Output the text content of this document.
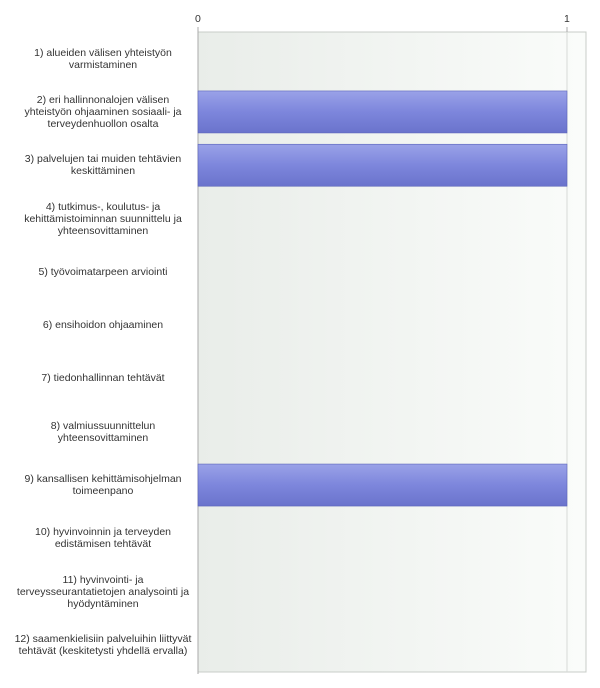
1) alueiden välisen yhteistyön varmistaminen
2) eri hallinnonalojen välisen yhteistyön ohjaaminen sosiaali- ja terveydenhuollon osalta
3) palvelujen tai muiden tehtävien keskittäminen
4) tutkimus-, koulutus- ja kehittämistoiminnan suunnittelu ja yhteensovittaminen
5) työvoimatarpeen arviointi
6) ensihoidon ohjaaminen
7) tiedonhallinnan tehtävät
8) valmiussuunnittelun yhteensovittaminen
9) kansallisen kehittämisohjelman toimeenpano
10) hyvinvoinnin ja terveyden edistämisen tehtävät
11) hyvinvointi- ja terveysseurantatietojen analysointi ja hyödyntäminen
12) saamenkielisiin palveluihin liittyvät tehtävät (keskitetysti yhdellä ervalla)
0	1
